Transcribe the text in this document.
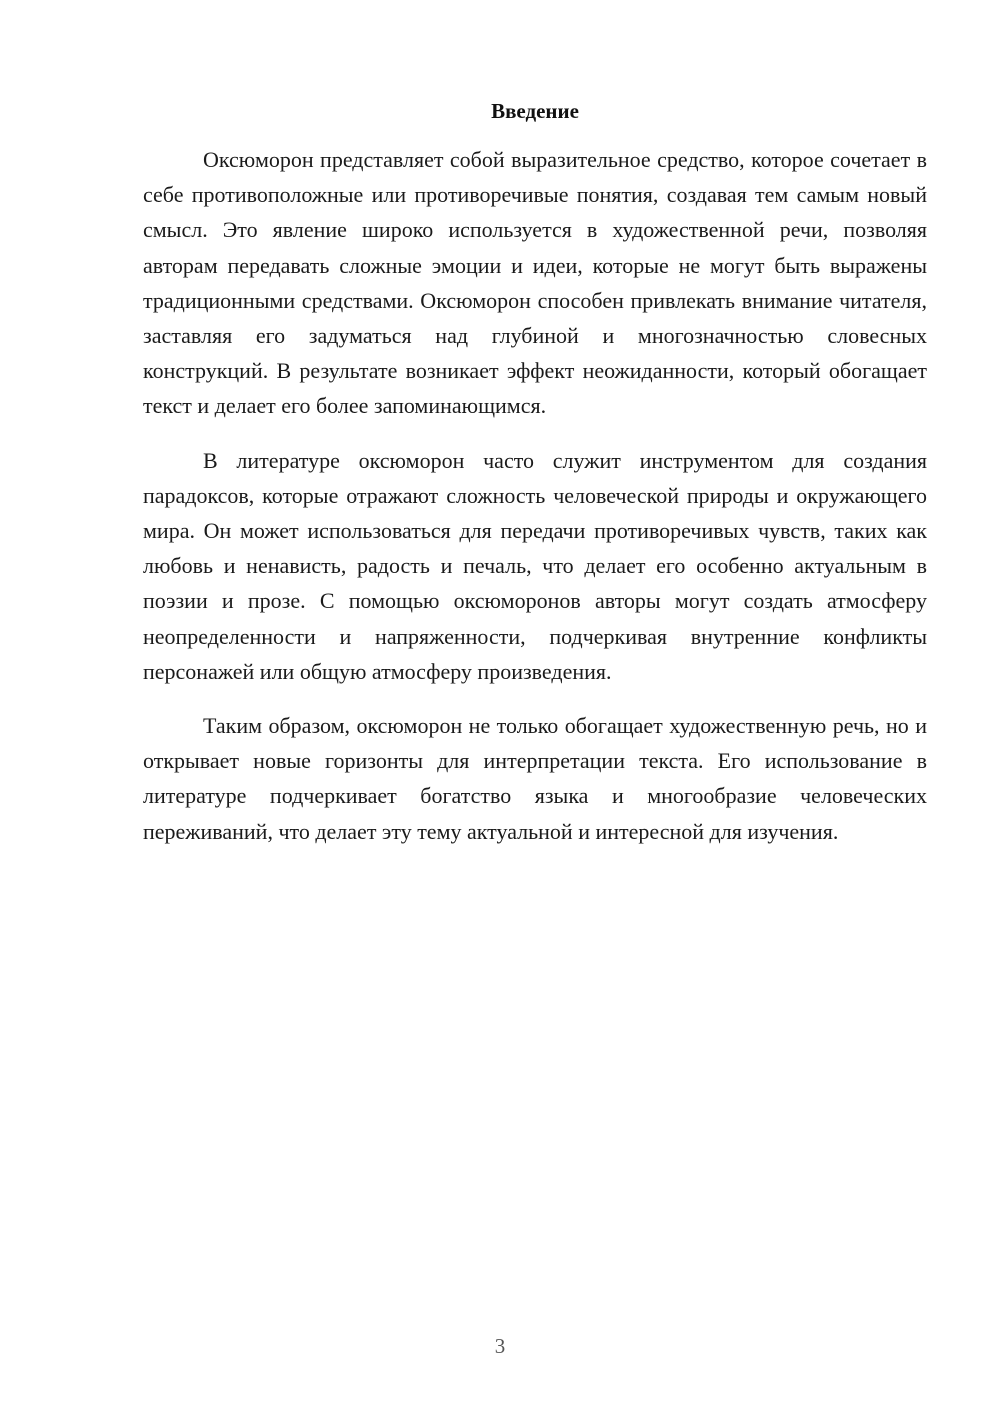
Введение

Оксюморон представляет собой выразительное средство, которое сочетает в себе противоположные или противоречивые понятия, создавая тем самым новый смысл. Это явление широко используется в художественной речи, позволяя авторам передавать сложные эмоции и идеи, которые не могут быть выражены традиционными средствами. Оксюморон способен привлекать внимание читателя, заставляя его задуматься над глубиной и многозначностью словесных конструкций. В результате возникает эффект неожиданности, который обогащает текст и делает его более запоминающимся.

В литературе оксюморон часто служит инструментом для создания парадоксов, которые отражают сложность человеческой природы и окружающего мира. Он может использоваться для передачи противоречивых чувств, таких как любовь и ненависть, радость и печаль, что делает его особенно актуальным в поэзии и прозе. С помощью оксюморонов авторы могут создать атмосферу неопределенности и напряженности, подчеркивая внутренние конфликты персонажей или общую атмосферу произведения.

Таким образом, оксюморон не только обогащает художественную речь, но и открывает новые горизонты для интерпретации текста. Его использование в литературе подчеркивает богатство языка и многообразие человеческих переживаний, что делает эту тему актуальной и интересной для изучения.

3
